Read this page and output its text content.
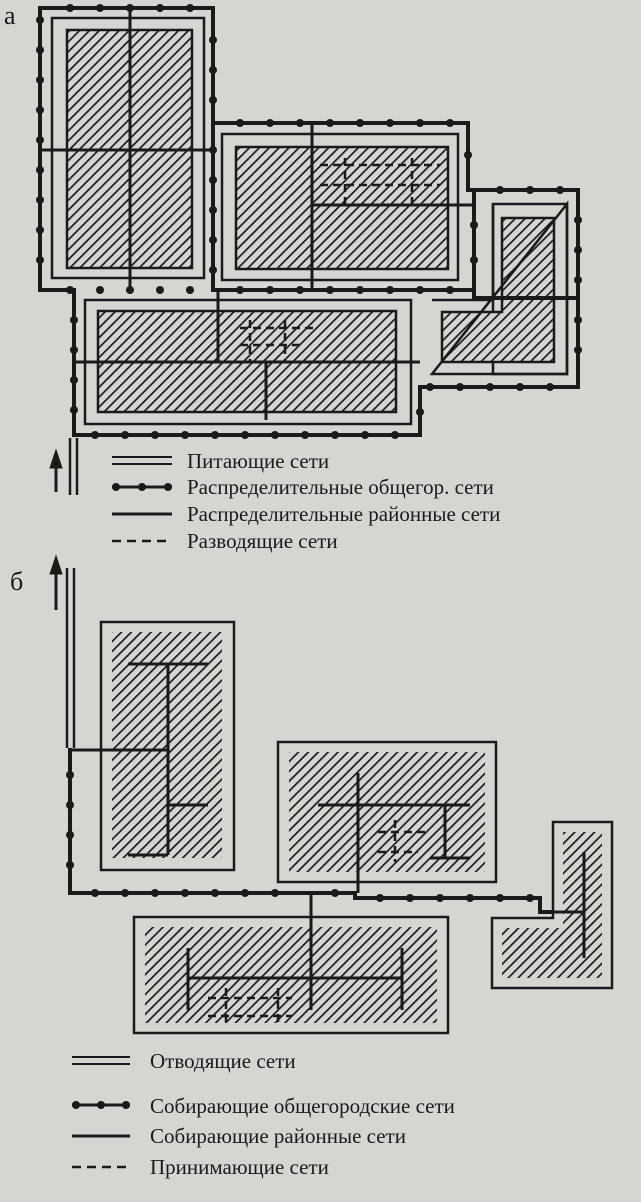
а
Питающие сети
Распределительные общегор. сети
Распределительные районные сети
Разводящие сети
б
Отводящие сети
Собирающие общегородские сети
Собирающие районные сети
Принимающие сети
